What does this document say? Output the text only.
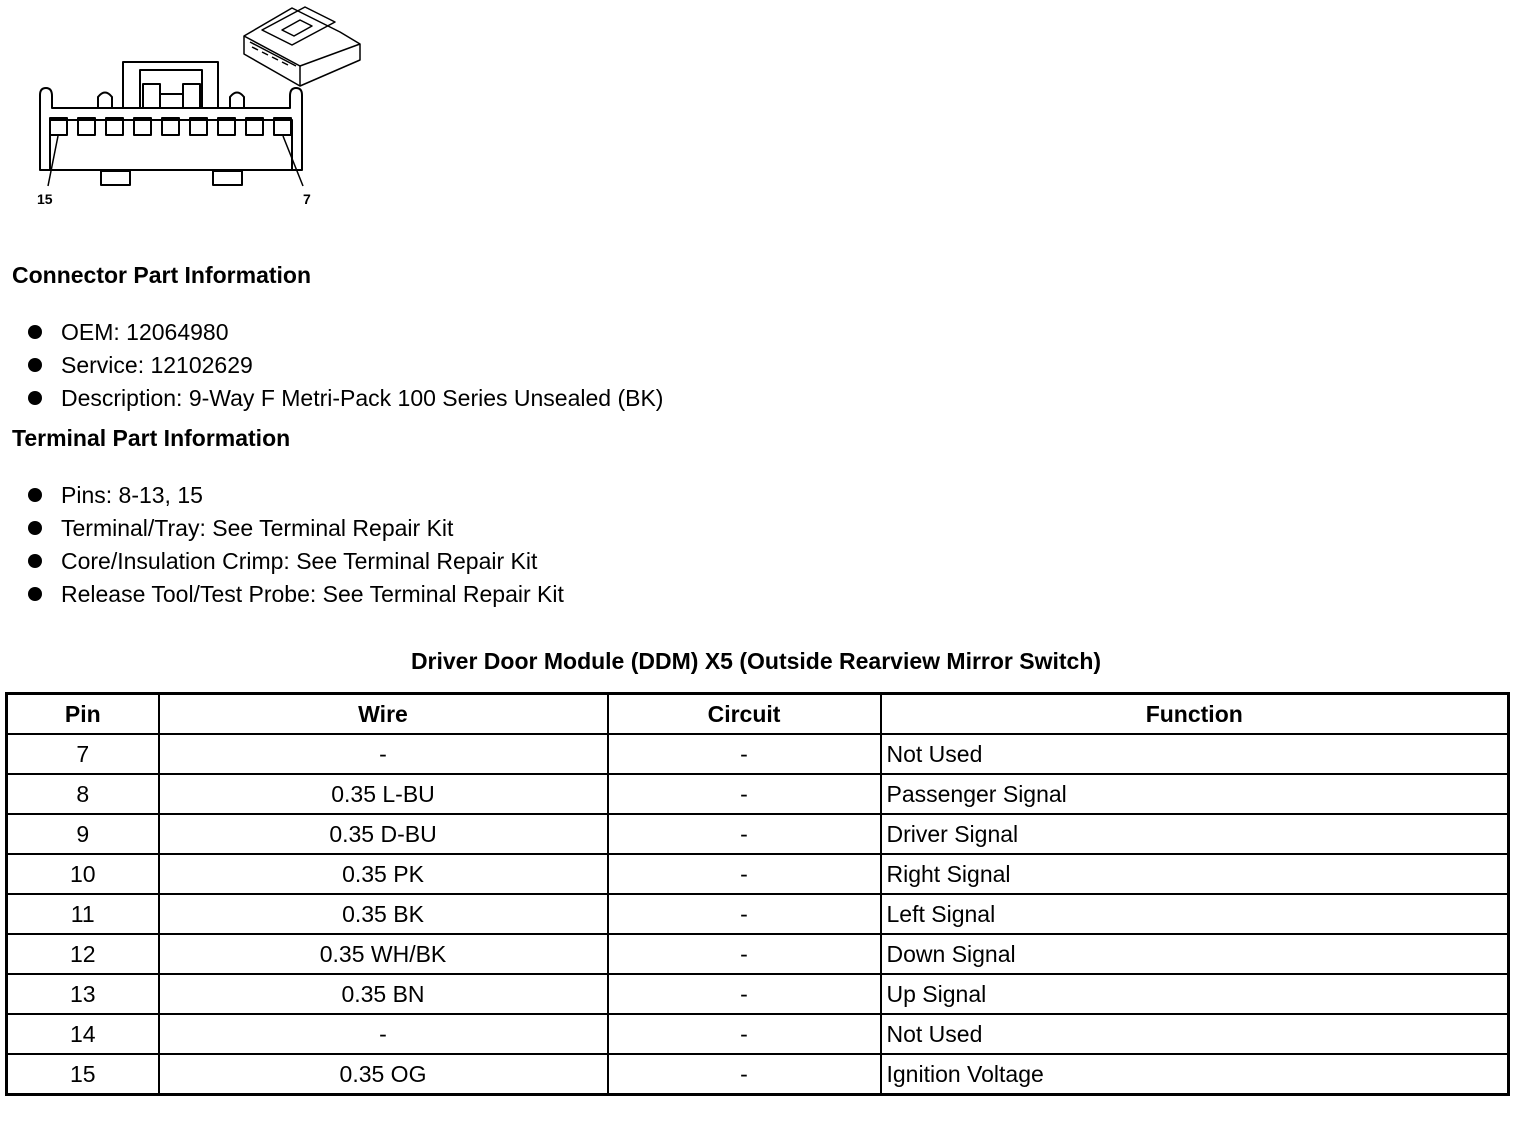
15	7
Connector Part Information
OEM: 12064980
Service: 12102629
Description: 9-Way F Metri-Pack 100 Series Unsealed (BK)
Terminal Part Information
Pins: 8-13, 15
Terminal/Tray: See Terminal Repair Kit
Core/Insulation Crimp: See Terminal Repair Kit
Release Tool/Test Probe: See Terminal Repair Kit
Driver Door Module (DDM) X5 (Outside Rearview Mirror Switch)
Pin	Wire	Circuit	Function
7	-	-	Not Used
8	0.35 L-BU	-	Passenger Signal
9	0.35 D-BU	-	Driver Signal
10	0.35 PK	-	Right Signal
11	0.35 BK	-	Left Signal
12	0.35 WH/BK	-	Down Signal
13	0.35 BN	-	Up Signal
14	-	-	Not Used
15	0.35 OG	-	Ignition Voltage
